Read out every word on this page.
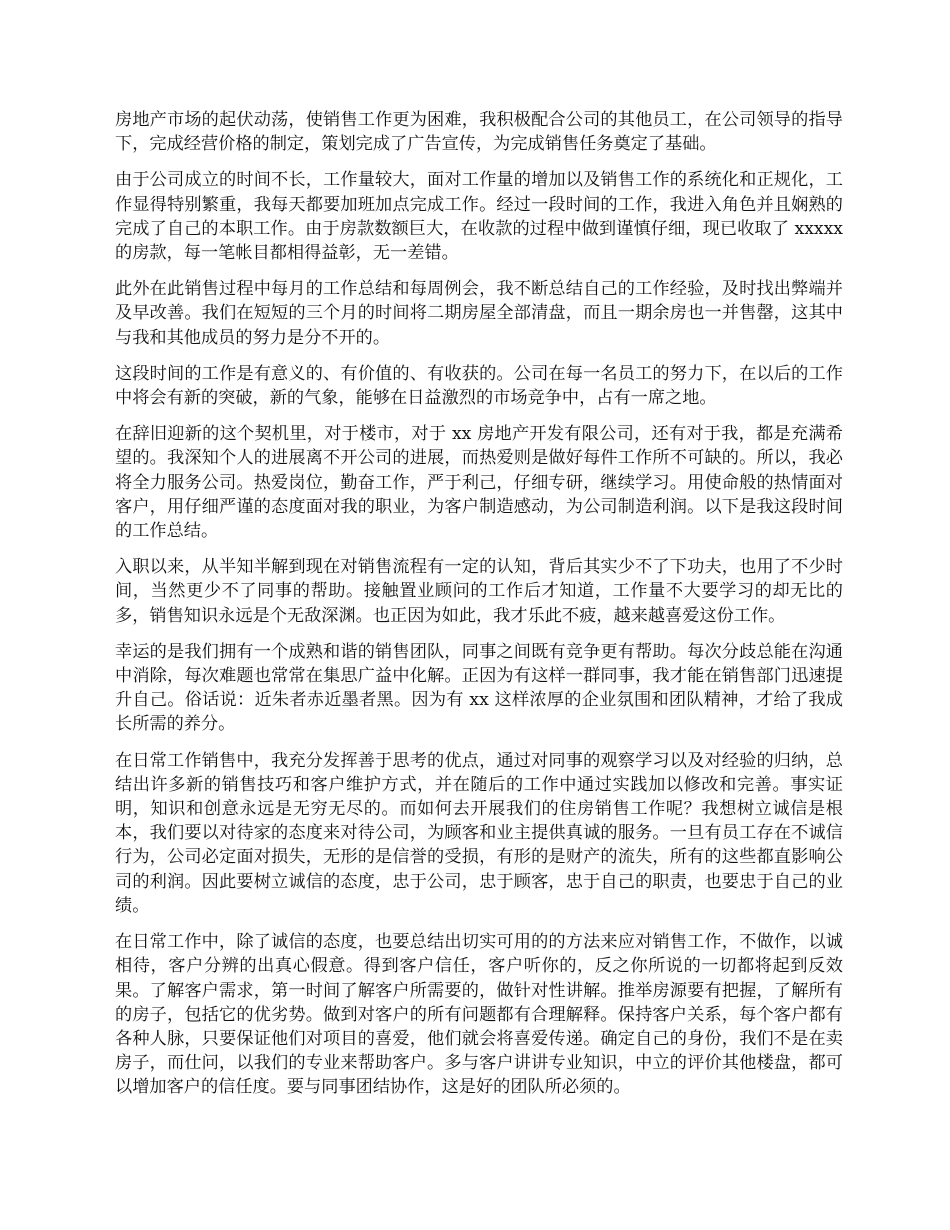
房地产市场的起伏动荡，使销售工作更为困难，我积极配合公司的其他员工，在公司领导的指导下，完成经营价格的制定，策划完成了广告宣传，为完成销售任务奠定了基础。

由于公司成立的时间不长，工作量较大，面对工作量的增加以及销售工作的系统化和正规化，工作显得特别繁重，我每天都要加班加点完成工作。经过一段时间的工作，我进入角色并且娴熟的完成了自己的本职工作。由于房款数额巨大，在收款的过程中做到谨慎仔细，现已收取了 xxxxx 的房款，每一笔帐目都相得益彰，无一差错。

此外在此销售过程中每月的工作总结和每周例会，我不断总结自己的工作经验，及时找出弊端并及早改善。我们在短短的三个月的时间将二期房屋全部清盘，而且一期余房也一并售罄，这其中与我和其他成员的努力是分不开的。

这段时间的工作是有意义的、有价值的、有收获的。公司在每一名员工的努力下，在以后的工作中将会有新的突破，新的气象，能够在日益激烈的市场竞争中，占有一席之地。

在辞旧迎新的这个契机里，对于楼市，对于 xx 房地产开发有限公司，还有对于我，都是充满希望的。我深知个人的进展离不开公司的进展，而热爱则是做好每件工作所不可缺的。所以，我必将全力服务公司。热爱岗位，勤奋工作，严于利己，仔细专研，继续学习。用使命般的热情面对客户，用仔细严谨的态度面对我的职业，为客户制造感动，为公司制造利润。以下是我这段时间的工作总结。

入职以来，从半知半解到现在对销售流程有一定的认知，背后其实少不了下功夫，也用了不少时间，当然更少不了同事的帮助。接触置业顾问的工作后才知道，工作量不大要学习的却无比的多，销售知识永远是个无敌深渊。也正因为如此，我才乐此不疲，越来越喜爱这份工作。

幸运的是我们拥有一个成熟和谐的销售团队，同事之间既有竞争更有帮助。每次分歧总能在沟通中消除，每次难题也常常在集思广益中化解。正因为有这样一群同事，我才能在销售部门迅速提升自己。俗话说：近朱者赤近墨者黑。因为有 xx 这样浓厚的企业氛围和团队精神，才给了我成长所需的养分。

在日常工作销售中，我充分发挥善于思考的优点，通过对同事的观察学习以及对经验的归纳，总结出许多新的销售技巧和客户维护方式，并在随后的工作中通过实践加以修改和完善。事实证明，知识和创意永远是无穷无尽的。而如何去开展我们的住房销售工作呢？我想树立诚信是根本，我们要以对待家的态度来对待公司，为顾客和业主提供真诚的服务。一旦有员工存在不诚信行为，公司必定面对损失，无形的是信誉的受损，有形的是财产的流失，所有的这些都直影响公司的利润。因此要树立诚信的态度，忠于公司，忠于顾客，忠于自己的职责，也要忠于自己的业绩。

在日常工作中，除了诚信的态度，也要总结出切实可用的的方法来应对销售工作，不做作，以诚相待，客户分辨的出真心假意。得到客户信任，客户听你的，反之你所说的一切都将起到反效果。了解客户需求，第一时间了解客户所需要的，做针对性讲解。推举房源要有把握，了解所有的房子，包括它的优劣势。做到对客户的所有问题都有合理解释。保持客户关系，每个客户都有各种人脉，只要保证他们对项目的喜爱，他们就会将喜爱传递。确定自己的身份，我们不是在卖房子，而仕问，以我们的专业来帮助客户。多与客户讲讲专业知识，中立的评价其他楼盘，都可以增加客户的信任度。要与同事团结协作，这是好的团队所必须的。
